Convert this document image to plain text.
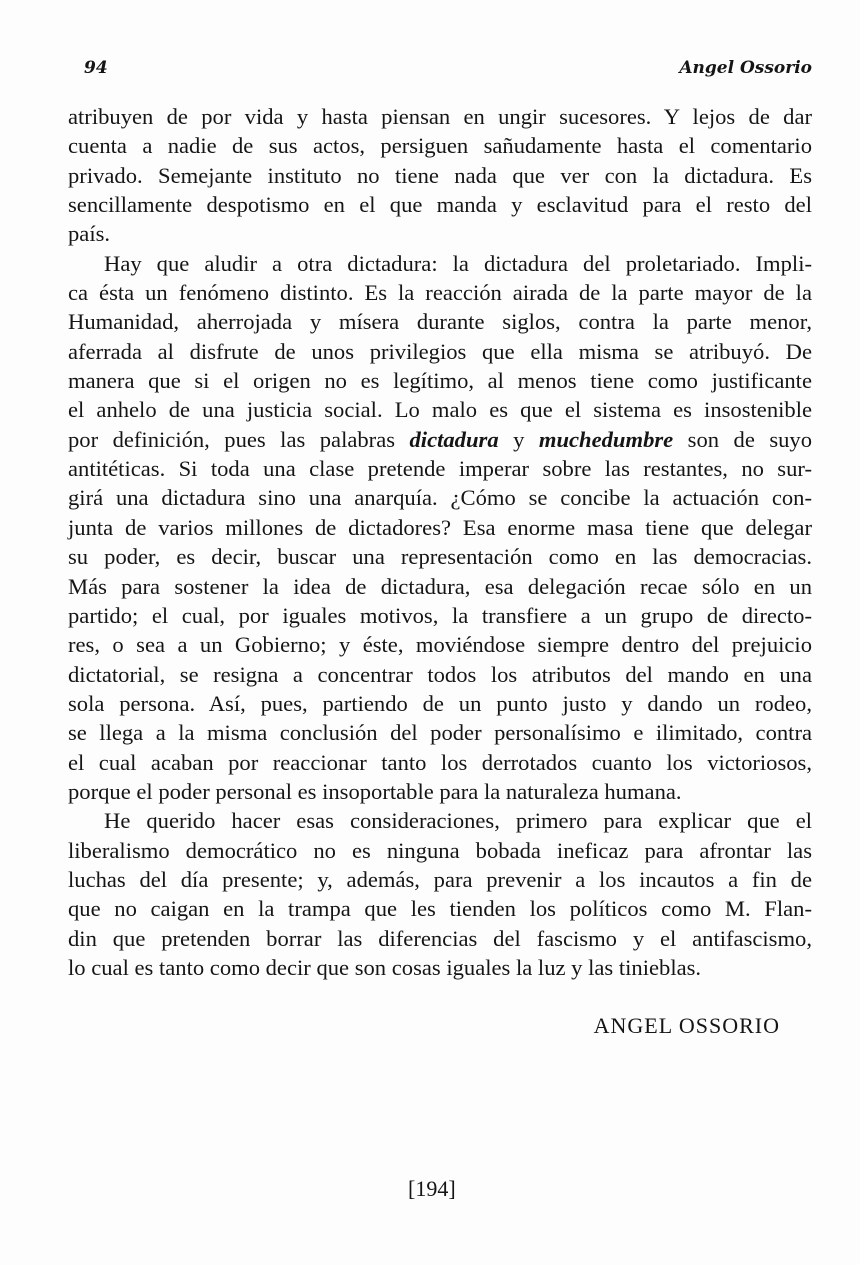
94	Angel Ossorio
atribuyen de por vida y hasta piensan en ungir sucesores. Y lejos de dar
cuenta a nadie de sus actos, persiguen sañudamente hasta el comentario
privado. Semejante instituto no tiene nada que ver con la dictadura. Es
sencillamente despotismo en el que manda y esclavitud para el resto del
país.
Hay que aludir a otra dictadura: la dictadura del proletariado. Impli-
ca ésta un fenómeno distinto. Es la reacción airada de la parte mayor de la
Humanidad, aherrojada y mísera durante siglos, contra la parte menor,
aferrada al disfrute de unos privilegios que ella misma se atribuyó. De
manera que si el origen no es legítimo, al menos tiene como justificante
el anhelo de una justicia social. Lo malo es que el sistema es insostenible
por definición, pues las palabras dictadura y muchedumbre son de suyo
antitéticas. Si toda una clase pretende imperar sobre las restantes, no sur-
girá una dictadura sino una anarquía. ¿Cómo se concibe la actuación con-
junta de varios millones de dictadores? Esa enorme masa tiene que delegar
su poder, es decir, buscar una representación como en las democracias.
Más para sostener la idea de dictadura, esa delegación recae sólo en un
partido; el cual, por iguales motivos, la transfiere a un grupo de directo-
res, o sea a un Gobierno; y éste, moviéndose siempre dentro del prejuicio
dictatorial, se resigna a concentrar todos los atributos del mando en una
sola persona. Así, pues, partiendo de un punto justo y dando un rodeo,
se llega a la misma conclusión del poder personalísimo e ilimitado, contra
el cual acaban por reaccionar tanto los derrotados cuanto los victoriosos,
porque el poder personal es insoportable para la naturaleza humana.
He querido hacer esas consideraciones, primero para explicar que el
liberalismo democrático no es ninguna bobada ineficaz para afrontar las
luchas del día presente; y, además, para prevenir a los incautos a fin de
que no caigan en la trampa que les tienden los políticos como M. Flan-
din que pretenden borrar las diferencias del fascismo y el antifascismo,
lo cual es tanto como decir que son cosas iguales la luz y las tinieblas.
ANGEL OSSORIO
[194]
